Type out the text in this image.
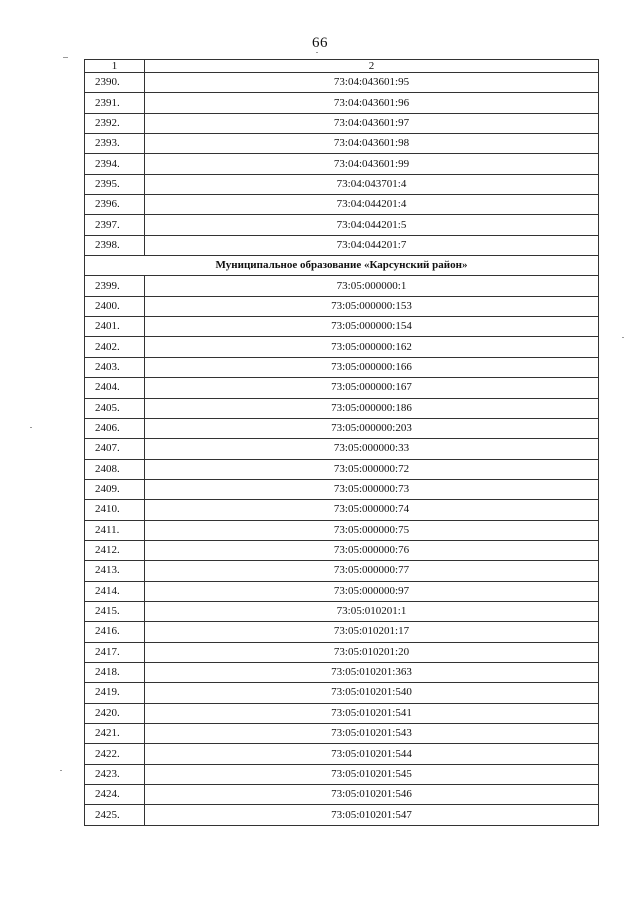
66
1	2
2390.	73:04:043601:95
2391.	73:04:043601:96
2392.	73:04:043601:97
2393.	73:04:043601:98
2394.	73:04:043601:99
2395.	73:04:043701:4
2396.	73:04:044201:4
2397.	73:04:044201:5
2398.	73:04:044201:7
Муниципальное образование «Карсунский район»	
2399.	73:05:000000:1
2400.	73:05:000000:153
2401.	73:05:000000:154
2402.	73:05:000000:162
2403.	73:05:000000:166
2404.	73:05:000000:167
2405.	73:05:000000:186
2406.	73:05:000000:203
2407.	73:05:000000:33
2408.	73:05:000000:72
2409.	73:05:000000:73
2410.	73:05:000000:74
2411.	73:05:000000:75
2412.	73:05:000000:76
2413.	73:05:000000:77
2414.	73:05:000000:97
2415.	73:05:010201:1
2416.	73:05:010201:17
2417.	73:05:010201:20
2418.	73:05:010201:363
2419.	73:05:010201:540
2420.	73:05:010201:541
2421.	73:05:010201:543
2422.	73:05:010201:544
2423.	73:05:010201:545
2424.	73:05:010201:546
2425.	73:05:010201:547
